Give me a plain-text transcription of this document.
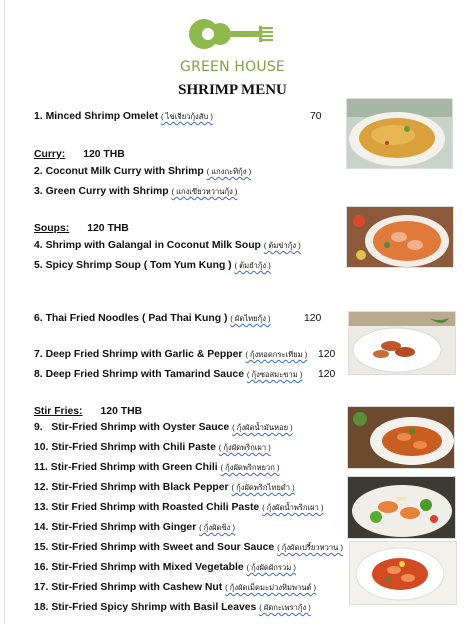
GREEN HOUSE
SHRIMP MENU
1. Minced Shrimp Omelet ( ไข่เจียวกุ้งสับ )	70
Curry: 120 THB
2. Coconut Milk Curry with Shrimp ( แกงกะทิกุ้ง )
3. Green Curry with Shrimp ( แกงเขียวหวานกุ้ง )
Soups: 120 THB
4. Shrimp with Galangal in Coconut Milk Soup ( ต้มข่ากุ้ง )
5. Spicy Shrimp Soup ( Tom Yum Kung ) ( ต้มยำกุ้ง )
6. Thai Fried Noodles ( Pad Thai Kung ) ( ผัดไทยกุ้ง )	120
7. Deep Fried Shrimp with Garlic & Pepper ( กุ้งทอดกระเทียม ) 120
8. Deep Fried Shrimp with Tamarind Sauce ( กุ้งซอสมะขาม ) 120
Stir Fries: 120 THB
9. Stir-Fried Shrimp with Oyster Sauce ( กุ้งผัดน้ำมันหอย )
10. Stir-Fried Shrimp with Chili Paste ( กุ้งผัดพริกเผา )
11. Stir-Fried Shrimp with Green Chili ( กุ้งผัดพริกหยวก )
12. Stir-Fried Shrimp with Black Pepper ( กุ้งผัดพริกไทยดำ )
13. Stir Fried Shrimp with Roasted Chili Paste ( กุ้งผัดน้ำพริกเผา )
14. Stir-Fried Shrimp with Ginger ( กุ้งผัดขิง )
15. Stir-Fried Shrimp with Sweet and Sour Sauce ( กุ้งผัดเปรี้ยวหวาน )
16. Stir-Fried Shrimp with Mixed Vegetable ( กุ้งผัดผักรวม )
17. Stir-Fried Shrimp with Cashew Nut ( กุ้งผัดเม็ดมะม่วงหิมพานต์ )
18. Stir-Fried Spicy Shrimp with Basil Leaves ( ผัดกะเพรากุ้ง )
